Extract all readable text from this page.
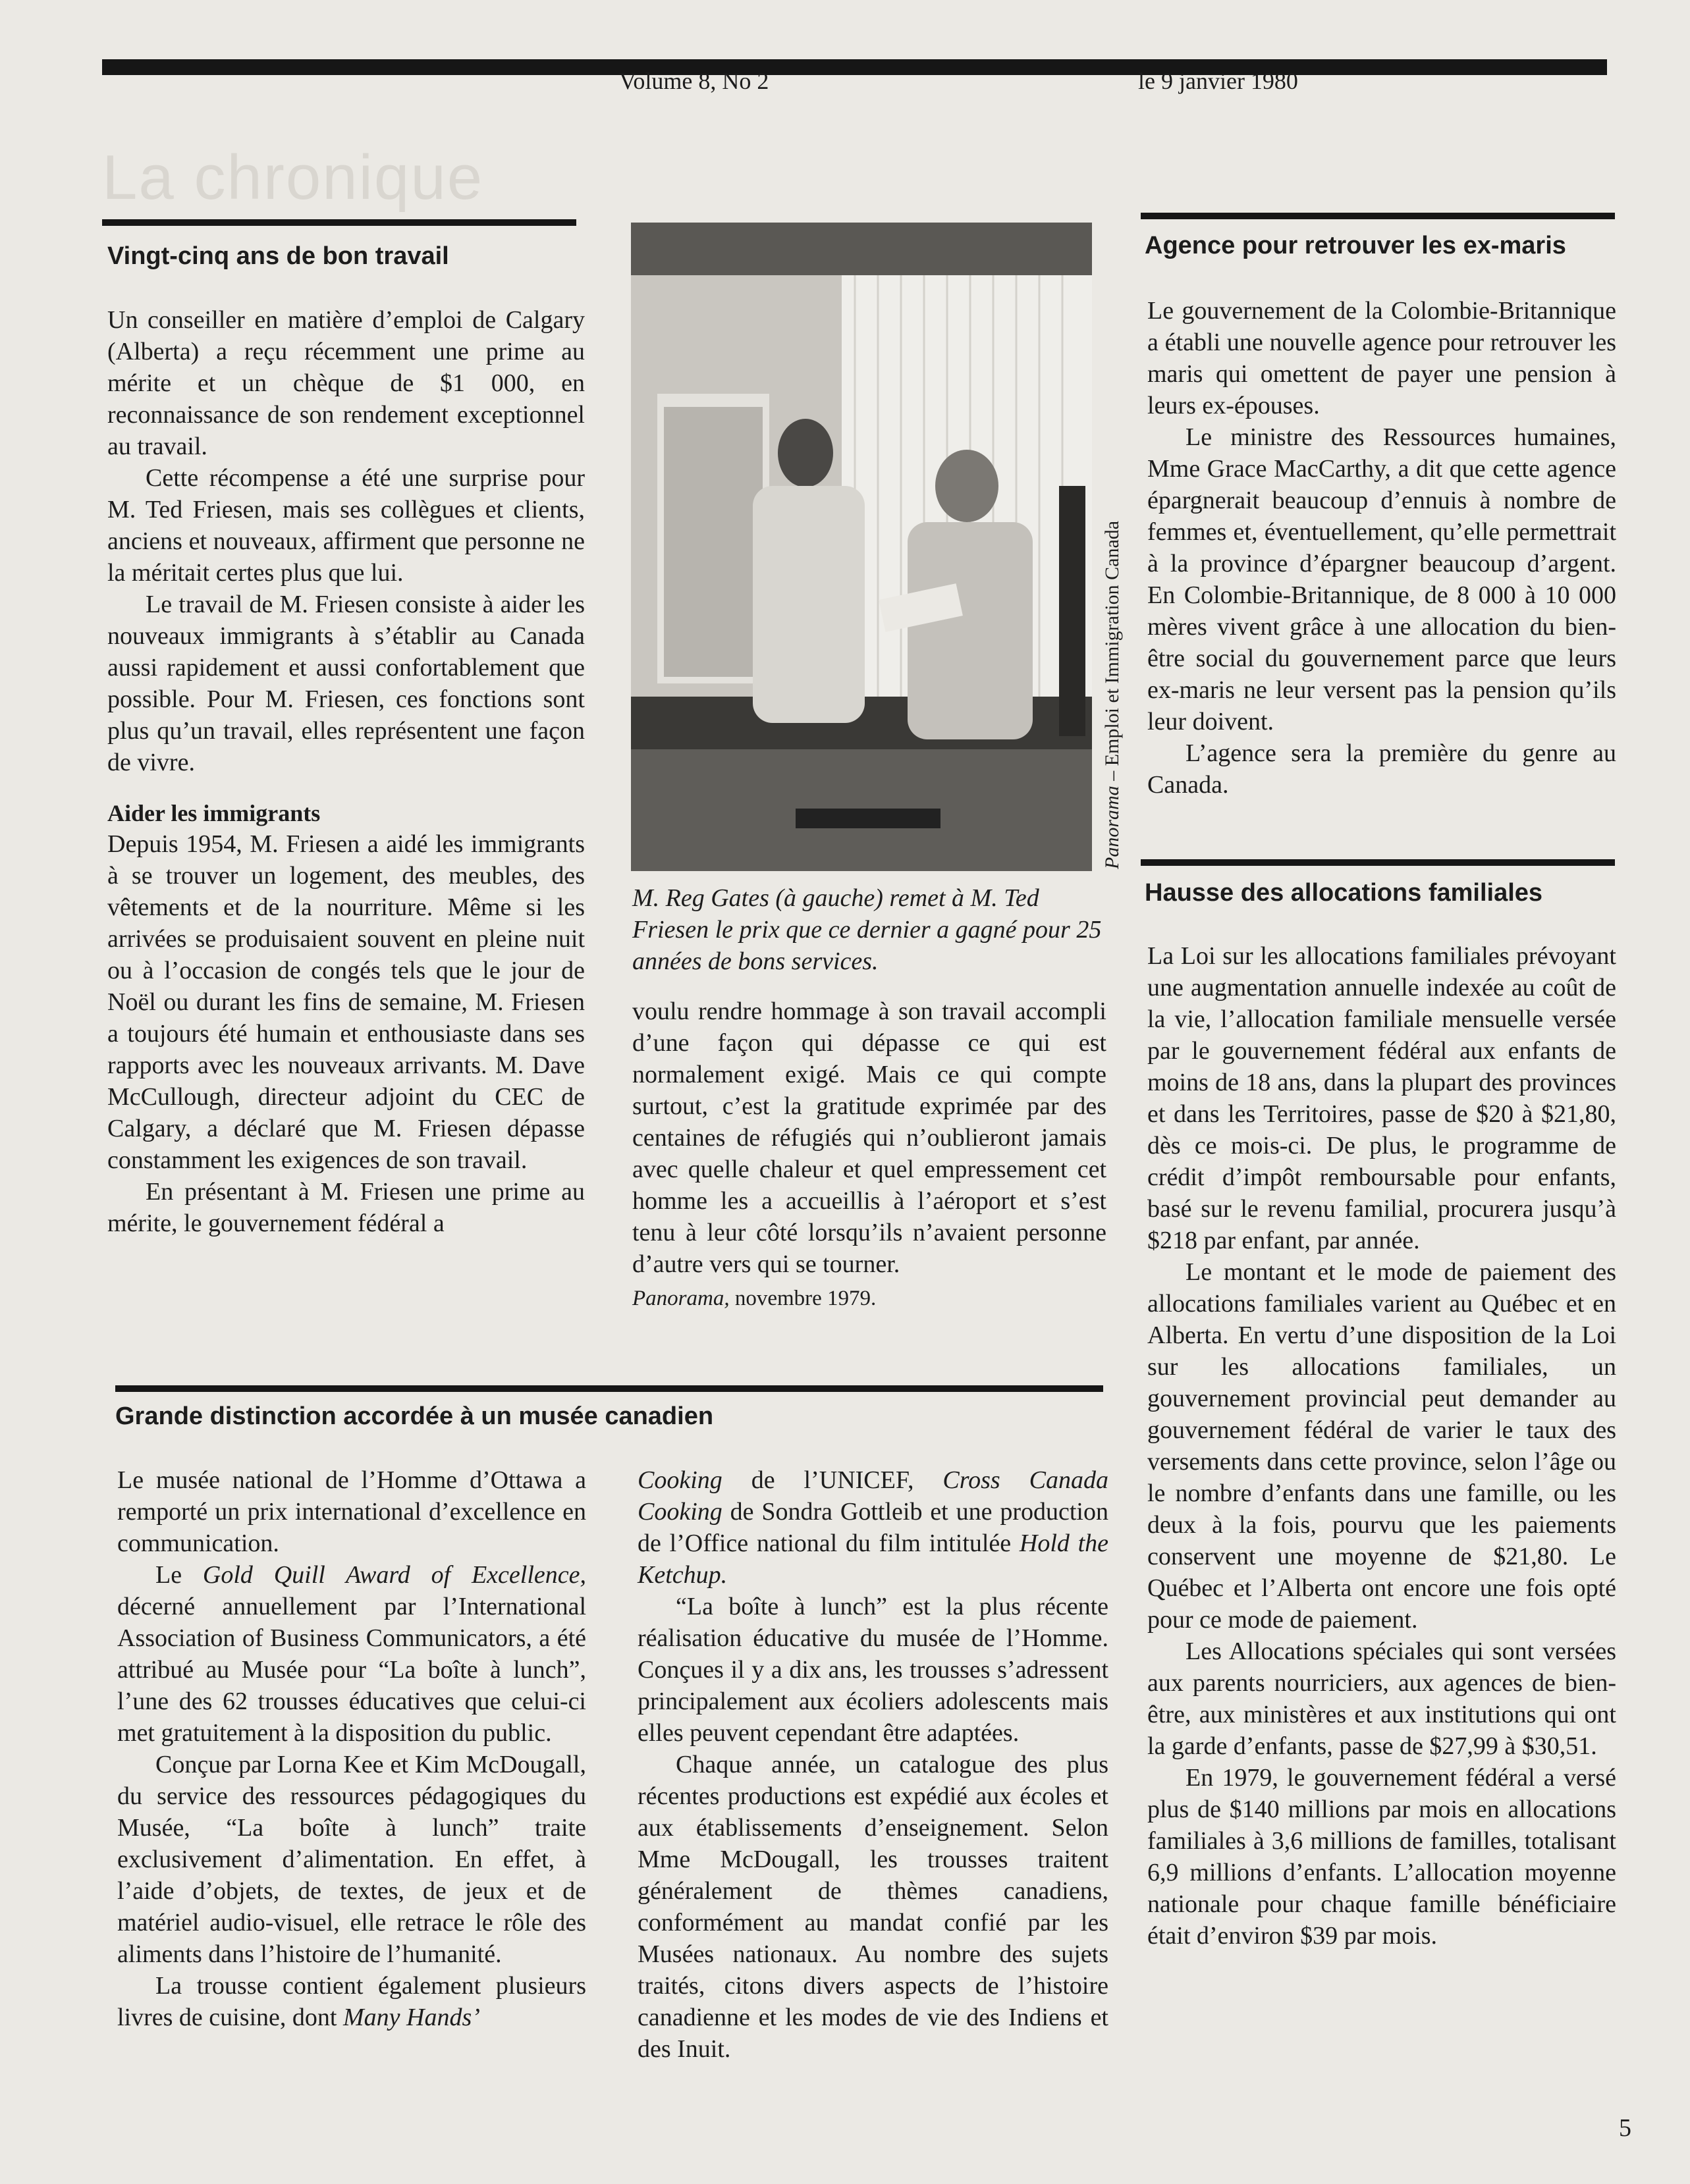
Volume 8, No 2	le 9 janvier 1980
La chronique
Vingt-cinq ans de bon travail

Un conseiller en matière d’emploi de Calgary (Alberta) a reçu récemment une prime au mérite et un chèque de $1 000, en reconnaissance de son rendement exceptionnel au travail.

Cette récompense a été une surprise pour M. Ted Friesen, mais ses collègues et clients, anciens et nouveaux, affirment que personne ne la méritait certes plus que lui.

Le travail de M. Friesen consiste à aider les nouveaux immigrants à s’établir au Canada aussi rapidement et aussi confortablement que possible. Pour M. Friesen, ces fonctions sont plus qu’un travail, elles représentent une façon de vivre.

Aider les immigrants

Depuis 1954, M. Friesen a aidé les immigrants à se trouver un logement, des meubles, des vêtements et de la nourriture. Même si les arrivées se produisaient souvent en pleine nuit ou à l’occasion de congés tels que le jour de Noël ou durant les fins de semaine, M. Friesen a toujours été humain et enthousiaste dans ses rapports avec les nouveaux arrivants. M. Dave McCullough, directeur adjoint du CEC de Calgary, a déclaré que M. Friesen dépasse constamment les exigences de son travail.

En présentant à M. Friesen une prime au mérite, le gouvernement fédéral a

Panorama – Emploi et Immigration Canada
M. Reg Gates (à gauche) remet à M. Ted Friesen le prix que ce dernier a gagné pour 25 années de bons services.

voulu rendre hommage à son travail accompli d’une façon qui dépasse ce qui est normalement exigé. Mais ce qui compte surtout, c’est la gratitude exprimée par des centaines de réfugiés qui n’oublieront jamais avec quelle chaleur et quel empressement cet homme les a accueillis à l’aéroport et s’est tenu à leur côté lorsqu’ils n’avaient personne d’autre vers qui se tourner.

Panorama, novembre 1979.
Agence pour retrouver les ex-maris

Le gouvernement de la Colombie-Britannique a établi une nouvelle agence pour retrouver les maris qui omettent de payer une pension à leurs ex-épouses.

Le ministre des Ressources humaines, Mme Grace MacCarthy, a dit que cette agence épargnerait beaucoup d’ennuis à nombre de femmes et, éventuellement, qu’elle permettrait à la province d’épargner beaucoup d’argent. En Colombie-Britannique, de 8 000 à 10 000 mères vivent grâce à une allocation du bien-être social du gouvernement parce que leurs ex-maris ne leur versent pas la pension qu’ils leur doivent.

L’agence sera la première du genre au Canada.

Hausse des allocations familiales

La Loi sur les allocations familiales prévoyant une augmentation annuelle indexée au coût de la vie, l’allocation familiale mensuelle versée par le gouvernement fédéral aux enfants de moins de 18 ans, dans la plupart des provinces et dans les Territoires, passe de $20 à $21,80, dès ce mois-ci. De plus, le programme de crédit d’impôt remboursable pour enfants, basé sur le revenu familial, procurera jusqu’à $218 par enfant, par année.

Le montant et le mode de paiement des allocations familiales varient au Québec et en Alberta. En vertu d’une disposition de la Loi sur les allocations familiales, un gouvernement provincial peut demander au gouvernement fédéral de varier le taux des versements dans cette province, selon l’âge ou le nombre d’enfants dans une famille, ou les deux à la fois, pourvu que les paiements conservent une moyenne de $21,80. Le Québec et l’Alberta ont encore une fois opté pour ce mode de paiement.

Les Allocations spéciales qui sont versées aux parents nourriciers, aux agences de bien-être, aux ministères et aux institutions qui ont la garde d’enfants, passe de $27,99 à $30,51.

En 1979, le gouvernement fédéral a versé plus de $140 millions par mois en allocations familiales à 3,6 millions de familles, totalisant 6,9 millions d’enfants. L’allocation moyenne nationale pour chaque famille bénéficiaire était d’environ $39 par mois.

Grande distinction accordée à un musée canadien

Le musée national de l’Homme d’Ottawa a remporté un prix international d’excellence en communication.

Le Gold Quill Award of Excellence, décerné annuellement par l’International Association of Business Communicators, a été attribué au Musée pour “La boîte à lunch”, l’une des 62 trousses éducatives que celui-ci met gratuitement à la disposition du public.

Conçue par Lorna Kee et Kim McDougall, du service des ressources pédagogiques du Musée, “La boîte à lunch” traite exclusivement d’alimentation. En effet, à l’aide d’objets, de textes, de jeux et de matériel audio-visuel, elle retrace le rôle des aliments dans l’histoire de l’humanité.

La trousse contient également plusieurs livres de cuisine, dont Many Hands’

Cooking de l’UNICEF, Cross Canada Cooking de Sondra Gottleib et une production de l’Office national du film intitulée Hold the Ketchup.

“La boîte à lunch” est la plus récente réalisation éducative du musée de l’Homme. Conçues il y a dix ans, les trousses s’adressent principalement aux écoliers adolescents mais elles peuvent cependant être adaptées.

Chaque année, un catalogue des plus récentes productions est expédié aux écoles et aux établissements d’enseignement. Selon Mme McDougall, les trousses traitent généralement de thèmes canadiens, conformément au mandat confié par les Musées nationaux. Au nombre des sujets traités, citons divers aspects de l’histoire canadienne et les modes de vie des Indiens et des Inuit.

5
